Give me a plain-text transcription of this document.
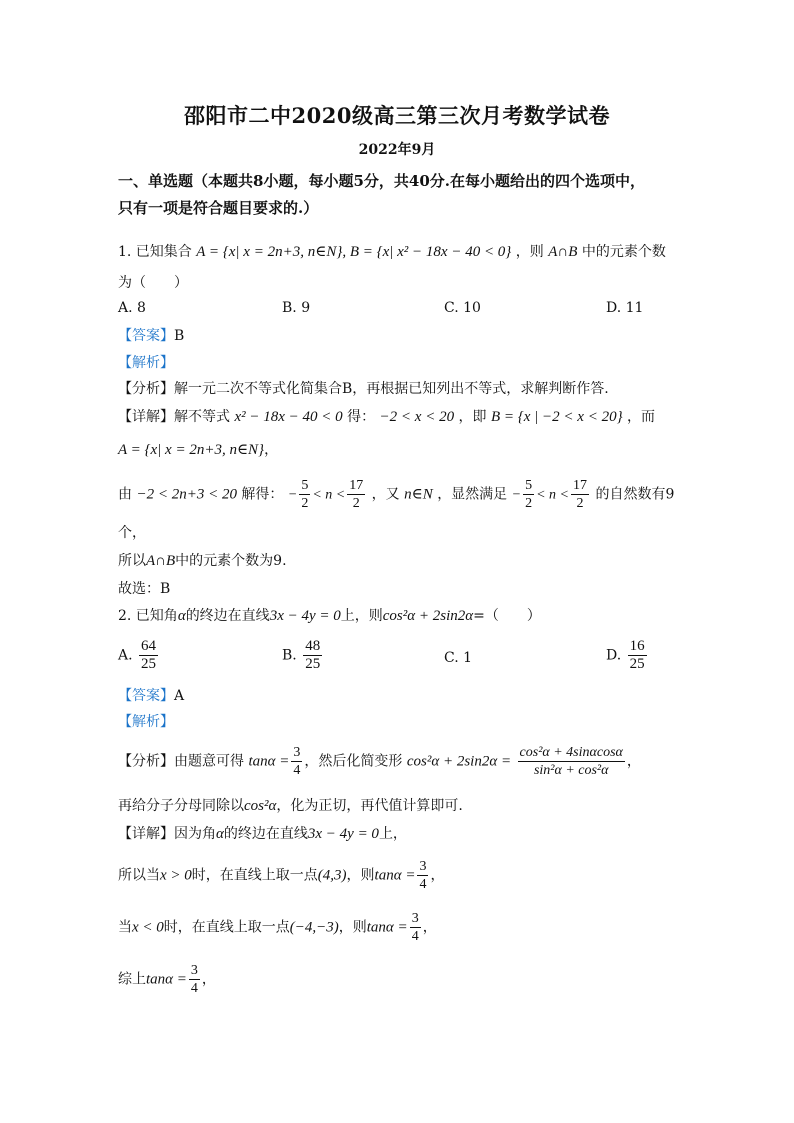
邵阳市二中2020级高三第三次月考数学试卷
2022年9月
一、单选题（本题共8小题，每小题5分，共40分.在每小题给出的四个选项中，
只有一项是符合题目要求的.）
1. 已知集合 A = {x| x = 2n+3, n∈N}, B = {x| x² − 18x − 40 < 0} ，则 A∩B 中的元素个数
为（　　）
A. 8	B. 9	C. 10	D. 11
【答案】B
【解析】
【分析】解一元二次不等式化简集合B，再根据已知列出不等式，求解判断作答.
【详解】解不等式 x² − 18x − 40 < 0 得： −2 < x < 20 ，即 B = {x | −2 < x < 20} ，而
A = {x| x = 2n+3, n∈N}，
由 −2 < 2n+3 < 20 解得： − $\frac{5}{2} < n < \frac{17}{2}$ ，又 n∈N ，显然满足 − $\frac{5}{2} < n < \frac{17}{2}$ 的自然数有9
个，
所以A∩B中的元素个数为9.
故选：B
2. 已知角α的终边在直线3x − 4y = 0上，则cos²α + 2sin2α=（　　）
A. $\frac{64}{25}$	B. $\frac{48}{25}$	C. 1	D. $\frac{16}{25}$
【答案】A
【解析】
【分析】由题意可得 $\tan\alpha = \frac{3}{4}$ ，然后化简变形 $\cos^2\alpha + 2\sin 2\alpha = \frac{\text{cos²α + 4sinαcosα}}{\text{sin²α + cos²α}}$ ，
再给分子分母同除以cos²α，化为正切，再代值计算即可.
【详解】因为角α的终边在直线3x − 4y = 0上，
所以当x > 0时，在直线上取一点(4,3)，则$\tan\alpha = \frac{3}{4}$ ，
当x < 0时，在直线上取一点(−4,−3)，则$\tan\alpha = \frac{3}{4}$ ，
综上$\tan\alpha = \frac{3}{4}$ ，
